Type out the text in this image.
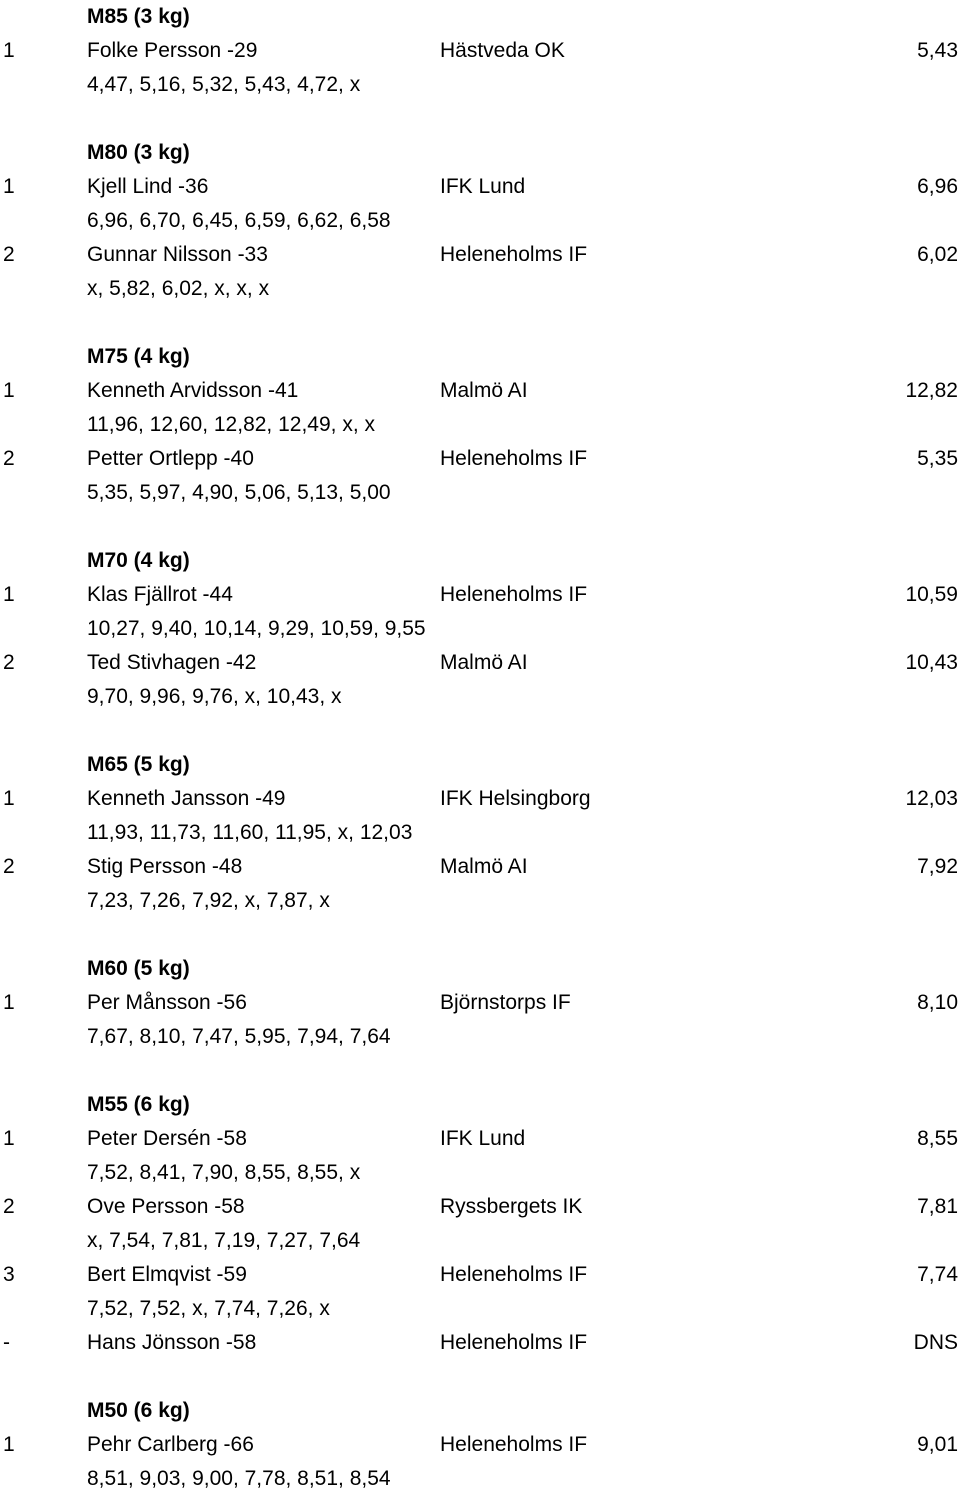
M85 (3 kg)
1	Folke Persson -29	Hästveda OK	5,43
4,47, 5,16, 5,32, 5,43, 4,72, x
M80 (3 kg)
1	Kjell Lind -36	IFK Lund	6,96
6,96, 6,70, 6,45, 6,59, 6,62, 6,58
2	Gunnar Nilsson -33	Heleneholms IF	6,02
x, 5,82, 6,02, x, x, x
M75 (4 kg)
1	Kenneth Arvidsson -41	Malmö AI	12,82
11,96, 12,60, 12,82, 12,49, x, x
2	Petter Ortlepp -40	Heleneholms IF	5,35
5,35, 5,97, 4,90, 5,06, 5,13, 5,00
M70 (4 kg)
1	Klas Fjällrot -44	Heleneholms IF	10,59
10,27, 9,40, 10,14, 9,29, 10,59, 9,55
2	Ted Stivhagen -42	Malmö AI	10,43
9,70, 9,96, 9,76, x, 10,43, x
M65 (5 kg)
1	Kenneth Jansson -49	IFK Helsingborg	12,03
11,93, 11,73, 11,60, 11,95, x, 12,03
2	Stig Persson -48	Malmö AI	7,92
7,23, 7,26, 7,92, x, 7,87, x
M60 (5 kg)
1	Per Månsson -56	Björnstorps IF	8,10
7,67, 8,10, 7,47, 5,95, 7,94, 7,64
M55 (6 kg)
1	Peter Dersén -58	IFK Lund	8,55
7,52, 8,41, 7,90, 8,55, 8,55, x
2	Ove Persson -58	Ryssbergets IK	7,81
x, 7,54, 7,81, 7,19, 7,27, 7,64
3	Bert Elmqvist -59	Heleneholms IF	7,74
7,52, 7,52, x, 7,74, 7,26, x
-	Hans Jönsson -58	Heleneholms IF	DNS
M50 (6 kg)
1	Pehr Carlberg -66	Heleneholms IF	9,01
8,51, 9,03, 9,00, 7,78, 8,51, 8,54
